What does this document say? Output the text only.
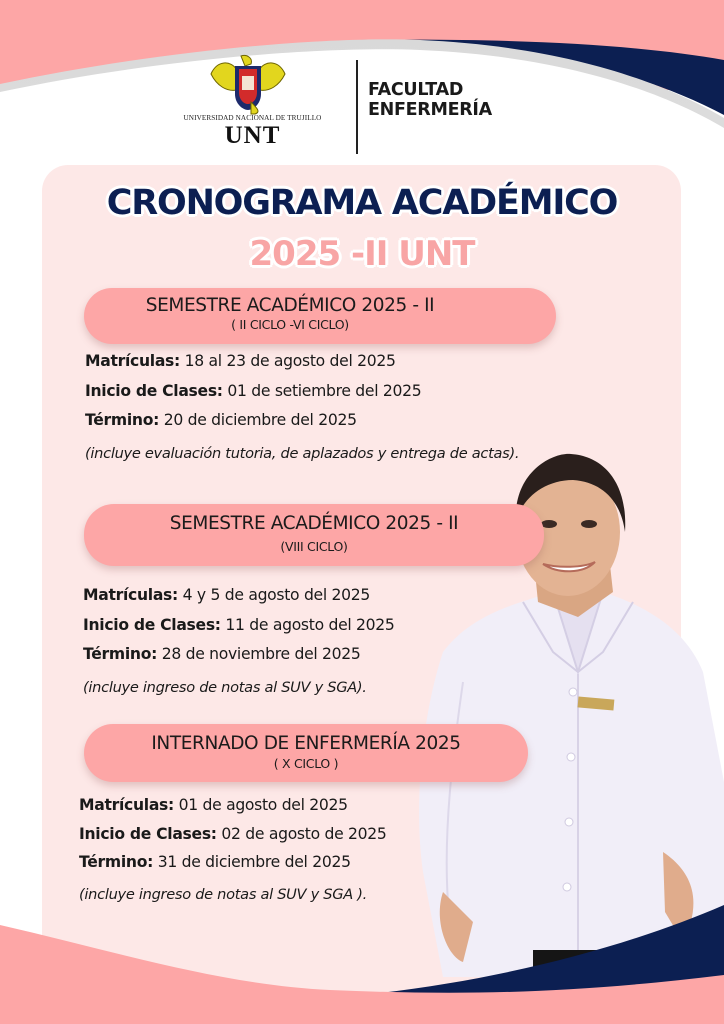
UNIVERSIDAD NACIONAL DE TRUJILLO
UNT
FACULTAD
ENFERMERÍA
CRONOGRAMA ACADÉMICO
2025 -II UNT
SEMESTRE ACADÉMICO 2025 - II
( II CICLO -VI CICLO)
Matrículas: 18 al 23 de agosto del 2025
Inicio de Clases: 01 de setiembre del 2025
Término: 20 de diciembre del 2025
(incluye evaluación tutoria, de aplazados y entrega de actas).
SEMESTRE ACADÉMICO 2025 - II
(VIII CICLO)
Matrículas: 4 y 5 de agosto del 2025
Inicio de Clases: 11 de agosto del 2025
Término: 28 de noviembre del 2025
(incluye ingreso de notas al SUV y SGA).
INTERNADO DE ENFERMERÍA 2025
( X CICLO )
Matrículas: 01 de agosto del 2025
Inicio de Clases: 02 de agosto de 2025
Término: 31 de diciembre del 2025
(incluye ingreso de notas al SUV y SGA ).
